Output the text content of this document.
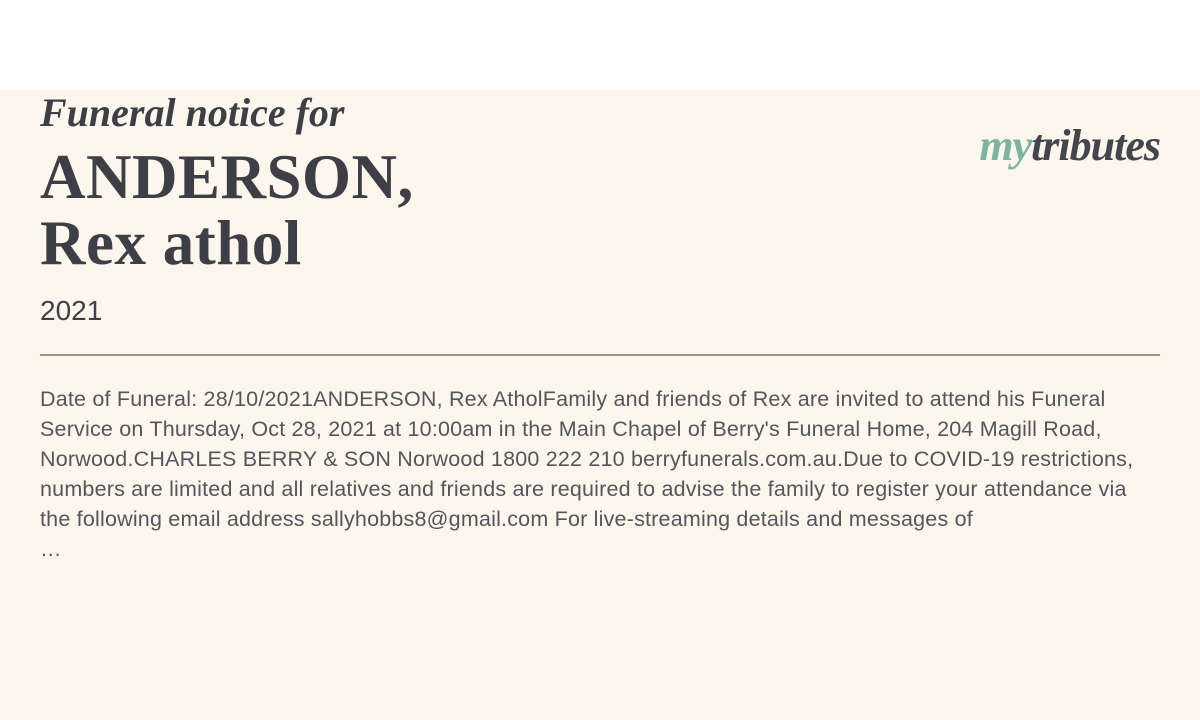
mytributes
Funeral notice for
ANDERSON,
Rex athol
2021

Date of Funeral: 28/10/2021ANDERSON, Rex AtholFamily and friends of Rex are invited to attend his Funeral Service on Thursday, Oct 28, 2021 at 10:00am in the Main Chapel of Berry's Funeral Home, 204 Magill Road, Norwood.CHARLES BERRY & SON Norwood 1800 222 210 berryfunerals.com.au.Due to COVID-19 restrictions, numbers are limited and all relatives and friends are required to advise the family to register your attendance via the following email address sallyhobbs8@gmail.com For live-streaming details and messages of

…
